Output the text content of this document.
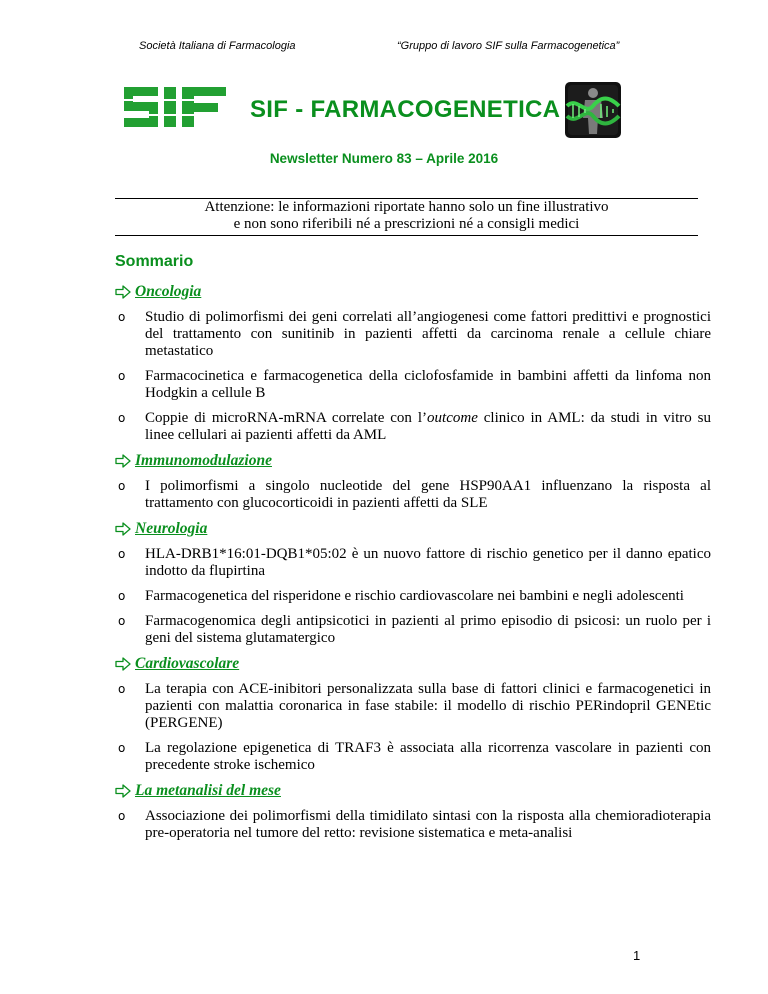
Società Italiana di Farmacologia	“Gruppo di lavoro SIF sulla Farmacogenetica”
SIF - FARMACOGENETICA
Newsletter Numero 83 – Aprile 2016
Attenzione: le informazioni riportate hanno solo un fine illustrativo
e non sono riferibili né a prescrizioni né a consigli medici
Sommario
Oncologia
o Studio di polimorfismi dei geni correlati all’angiogenesi come fattori predittivi e prognostici del trattamento con sunitinib in pazienti affetti da carcinoma renale a cellule chiare metastatico
o Farmacocinetica e farmacogenetica della ciclofosfamide in bambini affetti da linfoma non Hodgkin a cellule B
o Coppie di microRNA-mRNA correlate con l’outcome clinico in AML: da studi in vitro su linee cellulari ai pazienti affetti da AML
Immunomodulazione
o I polimorfismi a singolo nucleotide del gene HSP90AA1 influenzano la risposta al trattamento con glucocorticoidi in pazienti affetti da SLE
Neurologia
o HLA-DRB1*16:01-DQB1*05:02 è un nuovo fattore di rischio genetico per il danno epatico indotto da flupirtina
o Farmacogenetica del risperidone e rischio cardiovascolare nei bambini e negli adolescenti
o Farmacogenomica degli antipsicotici in pazienti al primo episodio di psicosi: un ruolo per i geni del sistema glutamatergico
Cardiovascolare
o La terapia con ACE-inibitori personalizzata sulla base di fattori clinici e farmacogenetici in pazienti con malattia coronarica in fase stabile: il modello di rischio PERindopril GENEtic (PERGENE)
o La regolazione epigenetica di TRAF3 è associata alla ricorrenza vascolare in pazienti con precedente stroke ischemico
La metanalisi del mese
o Associazione dei polimorfismi della timidilato sintasi con la risposta alla chemioradioterapia pre-operatoria nel tumore del retto: revisione sistematica e meta-analisi
1
